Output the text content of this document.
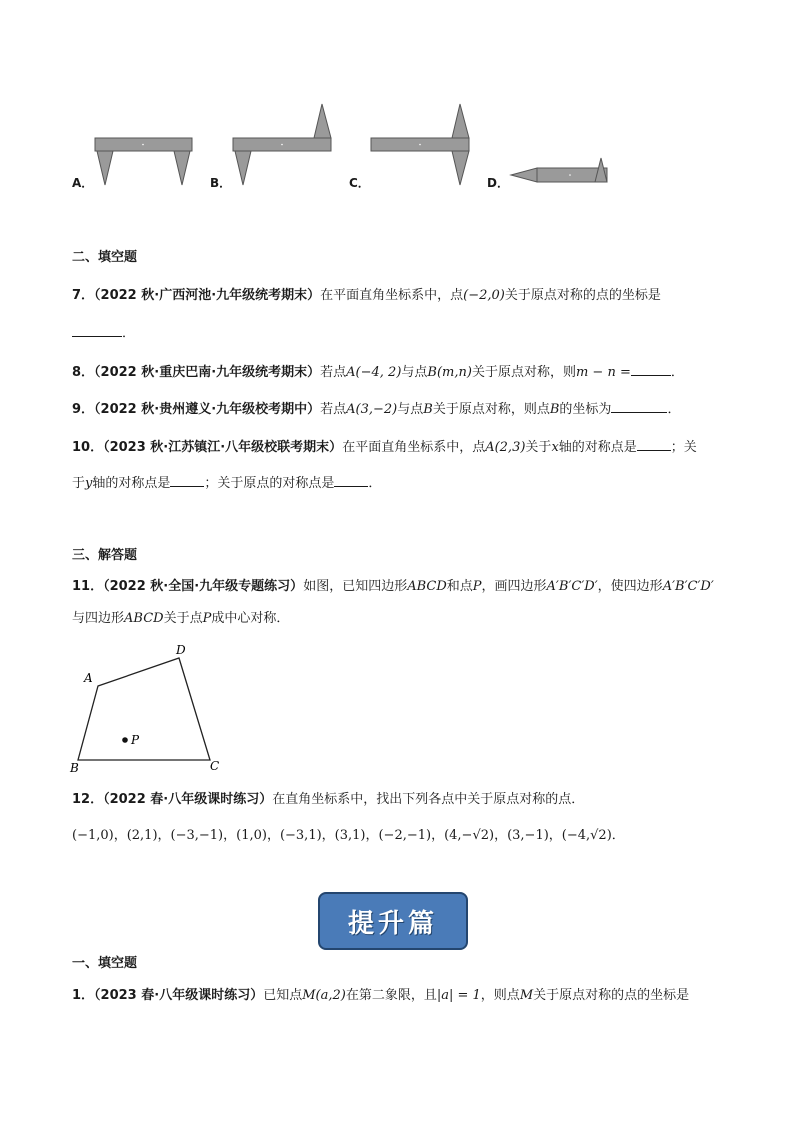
A．	B．	C．	D．
二、填空题
7．（2022 秋·广西河池·九年级统考期末）在平面直角坐标系中，点(−2,0)关于原点对称的点的坐标是
．
8．（2022 秋·重庆巴南·九年级统考期末）若点A(−4, 2)与点B(m,n)关于原点对称，则m − n =	．
9．（2022 秋·贵州遵义·九年级校考期中）若点A(3,−2)与点B关于原点对称，则点B的坐标为	．
10．（2023 秋·江苏镇江·八年级校联考期末）在平面直角坐标系中，点A(2,3)关于x轴的对称点是	；关
于y轴的对称点是	；关于原点的对称点是	．
三、解答题
11．（2022 秋·全国·九年级专题练习）如图，已知四边形ABCD和点P，画四边形A′B′C′D′，使四边形A′B′C′D′
与四边形ABCD关于点P成中心对称．
A
D
B	C
P
12．（2022 春·八年级课时练习）在直角坐标系中，找出下列各点中关于原点对称的点．
(−1,0)，(2,1)，(−3,−1)，(1,0)，(−3,1)，(3,1)，(−2,−1)，(4,−√2)，(3,−1)，(−4,√2)．
提升篇
一、填空题
1．（2023 春·八年级课时练习）已知点M(a,2)在第二象限，且|a| = 1，则点M关于原点对称的点的坐标是
